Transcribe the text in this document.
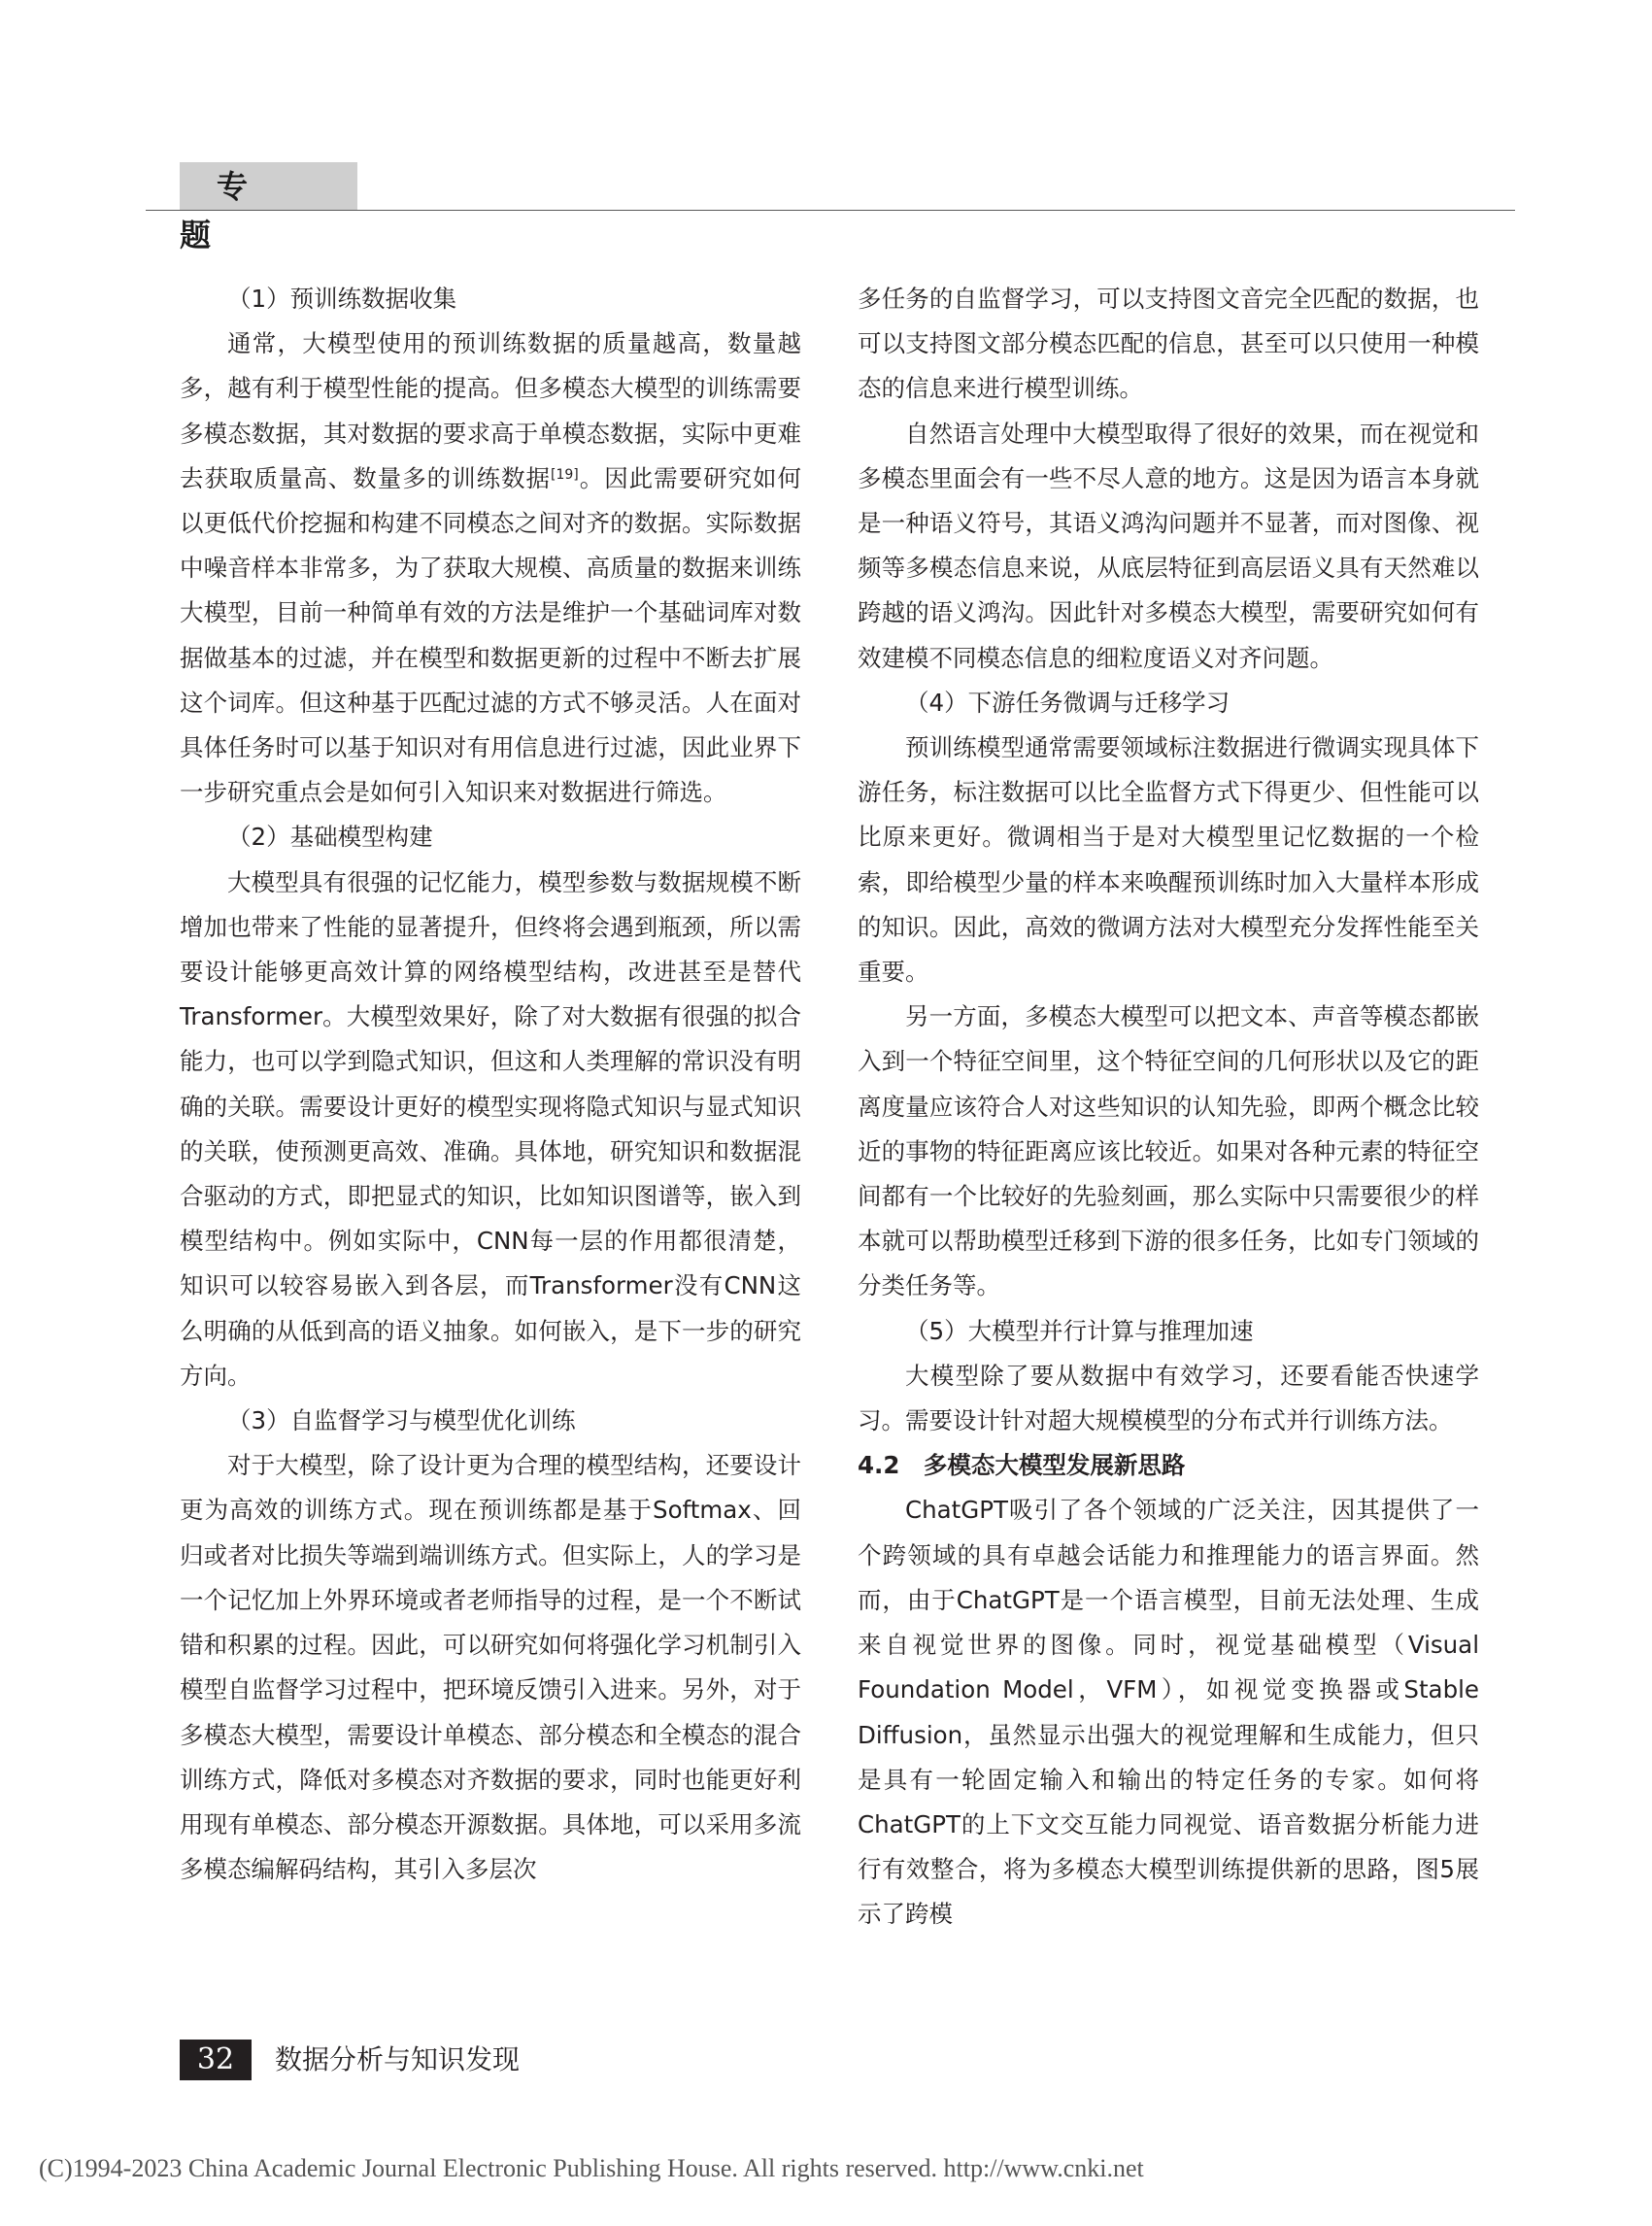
专 题

（1）预训练数据收集

通常，大模型使用的预训练数据的质量越高，数量越多，越有利于模型性能的提高。但多模态大模型的训练需要多模态数据，其对数据的要求高于单模态数据，实际中更难去获取质量高、数量多的训练数据[19]。因此需要研究如何以更低代价挖掘和构建不同模态之间对齐的数据。实际数据中噪音样本非常多，为了获取大规模、高质量的数据来训练大模型，目前一种简单有效的方法是维护一个基础词库对数据做基本的过滤，并在模型和数据更新的过程中不断去扩展这个词库。但这种基于匹配过滤的方式不够灵活。人在面对具体任务时可以基于知识对有用信息进行过滤，因此业界下一步研究重点会是如何引入知识来对数据进行筛选。

（2）基础模型构建

大模型具有很强的记忆能力，模型参数与数据规模不断增加也带来了性能的显著提升，但终将会遇到瓶颈，所以需要设计能够更高效计算的网络模型结构，改进甚至是替代Transformer。大模型效果好，除了对大数据有很强的拟合能力，也可以学到隐式知识，但这和人类理解的常识没有明确的关联。需要设计更好的模型实现将隐式知识与显式知识的关联，使预测更高效、准确。具体地，研究知识和数据混合驱动的方式，即把显式的知识，比如知识图谱等，嵌入到模型结构中。例如实际中，CNN每一层的作用都很清楚，知识可以较容易嵌入到各层，而Transformer没有CNN这么明确的从低到高的语义抽象。如何嵌入，是下一步的研究方向。

（3）自监督学习与模型优化训练

对于大模型，除了设计更为合理的模型结构，还要设计更为高效的训练方式。现在预训练都是基于Softmax、回归或者对比损失等端到端训练方式。但实际上，人的学习是一个记忆加上外界环境或者老师指导的过程，是一个不断试错和积累的过程。因此，可以研究如何将强化学习机制引入模型自监督学习过程中，把环境反馈引入进来。另外，对于多模态大模型，需要设计单模态、部分模态和全模态的混合训练方式，降低对多模态对齐数据的要求，同时也能更好利用现有单模态、部分模态开源数据。具体地，可以采用多流多模态编解码结构，其引入多层次

多任务的自监督学习，可以支持图文音完全匹配的数据，也可以支持图文部分模态匹配的信息，甚至可以只使用一种模态的信息来进行模型训练。

自然语言处理中大模型取得了很好的效果，而在视觉和多模态里面会有一些不尽人意的地方。这是因为语言本身就是一种语义符号，其语义鸿沟问题并不显著，而对图像、视频等多模态信息来说，从底层特征到高层语义具有天然难以跨越的语义鸿沟。因此针对多模态大模型，需要研究如何有效建模不同模态信息的细粒度语义对齐问题。

（4）下游任务微调与迁移学习

预训练模型通常需要领域标注数据进行微调实现具体下游任务，标注数据可以比全监督方式下得更少、但性能可以比原来更好。微调相当于是对大模型里记忆数据的一个检索，即给模型少量的样本来唤醒预训练时加入大量样本形成的知识。因此，高效的微调方法对大模型充分发挥性能至关重要。

另一方面，多模态大模型可以把文本、声音等模态都嵌入到一个特征空间里，这个特征空间的几何形状以及它的距离度量应该符合人对这些知识的认知先验，即两个概念比较近的事物的特征距离应该比较近。如果对各种元素的特征空间都有一个比较好的先验刻画，那么实际中只需要很少的样本就可以帮助模型迁移到下游的很多任务，比如专门领域的分类任务等。

（5）大模型并行计算与推理加速

大模型除了要从数据中有效学习，还要看能否快速学习。需要设计针对超大规模模型的分布式并行训练方法。

4.2　多模态大模型发展新思路

ChatGPT吸引了各个领域的广泛关注，因其提供了一个跨领域的具有卓越会话能力和推理能力的语言界面。然而，由于ChatGPT是一个语言模型，目前无法处理、生成来自视觉世界的图像。同时，视觉基础模型（Visual Foundation Model，VFM），如视觉变换器或Stable Diffusion，虽然显示出强大的视觉理解和生成能力，但只是具有一轮固定输入和输出的特定任务的专家。如何将ChatGPT的上下文交互能力同视觉、语音数据分析能力进行有效整合，将为多模态大模型训练提供新的思路，图5展示了跨模

32	数据分析与知识发现
(C)1994-2023 China Academic Journal Electronic Publishing House. All rights reserved. http://www.cnki.net
